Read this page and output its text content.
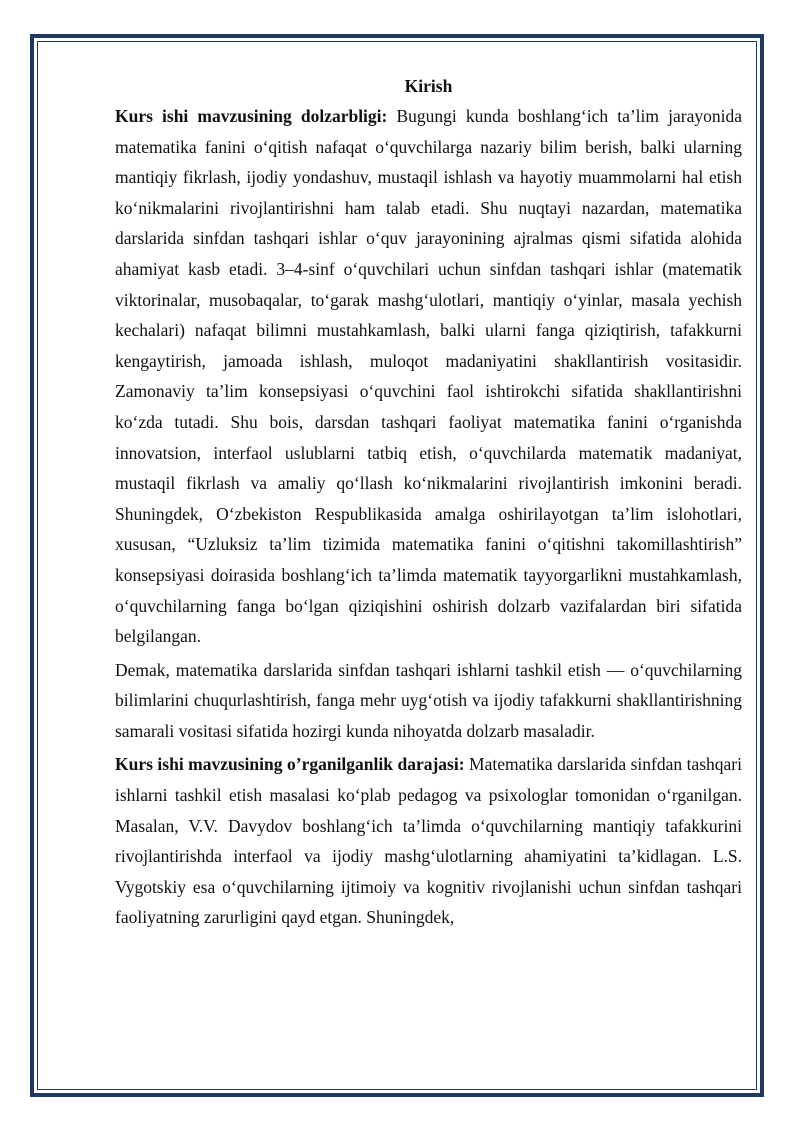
Kirish

Kurs ishi mavzusining dolzarbligi: Bugungi kunda boshlang‘ich ta’lim jarayonida matematika fanini o‘qitish nafaqat o‘quvchilarga nazariy bilim berish, balki ularning mantiqiy fikrlash, ijodiy yondashuv, mustaqil ishlash va hayotiy muammolarni hal etish ko‘nikmalarini rivojlantirishni ham talab etadi. Shu nuqtayi nazardan, matematika darslarida sinfdan tashqari ishlar o‘quv jarayonining ajralmas qismi sifatida alohida ahamiyat kasb etadi. 3–4-sinf o‘quvchilari uchun sinfdan tashqari ishlar (matematik viktorinalar, musobaqalar, to‘garak mashg‘ulotlari, mantiqiy o‘yinlar, masala yechish kechalari) nafaqat bilimni mustahkamlash, balki ularni fanga qiziqtirish, tafakkurni kengaytirish, jamoada ishlash, muloqot madaniyatini shakllantirish vositasidir. Zamonaviy ta’lim konsepsiyasi o‘quvchini faol ishtirokchi sifatida shakllantirishni ko‘zda tutadi. Shu bois, darsdan tashqari faoliyat matematika fanini o‘rganishda innovatsion, interfaol uslublarni tatbiq etish, o‘quvchilarda matematik madaniyat, mustaqil fikrlash va amaliy qo‘llash ko‘nikmalarini rivojlantirish imkonini beradi. Shuningdek, O‘zbekiston Respublikasida amalga oshirilayotgan ta’lim islohotlari, xususan, “Uzluksiz ta’lim tizimida matematika fanini o‘qitishni takomillashtirish” konsepsiyasi doirasida boshlang‘ich ta’limda matematik tayyorgarlikni mustahkamlash, o‘quvchilarning fanga bo‘lgan qiziqishini oshirish dolzarb vazifalardan biri sifatida belgilangan.

Demak, matematika darslarida sinfdan tashqari ishlarni tashkil etish — o‘quvchilarning bilimlarini chuqurlashtirish, fanga mehr uyg‘otish va ijodiy tafakkurni shakllantirishning samarali vositasi sifatida hozirgi kunda nihoyatda dolzarb masaladir.

Kurs ishi mavzusining o’rganilganlik darajasi: Matematika darslarida sinfdan tashqari ishlarni tashkil etish masalasi ko‘plab pedagog va psixologlar tomonidan o‘rganilgan. Masalan, V.V. Davydov boshlang‘ich ta’limda o‘quvchilarning mantiqiy tafakkurini rivojlantirishda interfaol va ijodiy mashg‘ulotlarning ahamiyatini ta’kidlagan. L.S. Vygotskiy esa o‘quvchilarning ijtimoiy va kognitiv rivojlanishi uchun sinfdan tashqari faoliyatning zarurligini qayd etgan. Shuningdek,
